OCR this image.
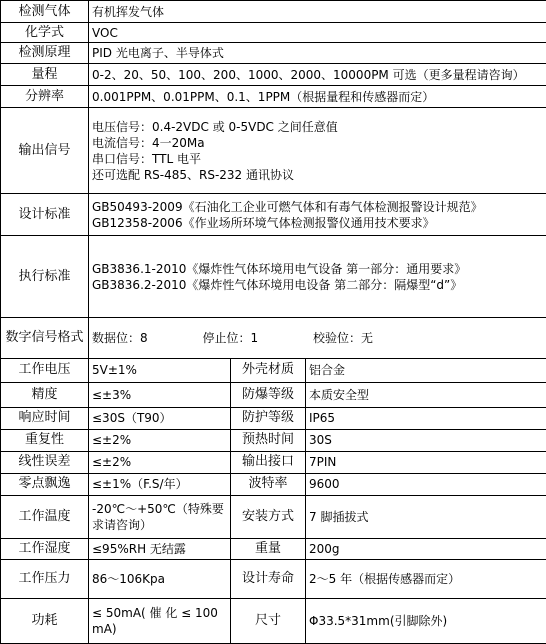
检测气体	有机挥发气体		
化学式	VOC		
检测原理	PID 光电离子、半导体式		
量程	0-2、20、50、100、200、1000、2000、10000PM 可选（更多量程请咨询）		
分辨率	0.001PPM、0.01PPM、0.1、1PPM（根据量程和传感器而定）		
输出信号	电压信号：0.4-2VDC 或 0-5VDC 之间任意值
电流信号：4一20Ma
串口信号：TTL 电平
还可选配 RS-485、RS-232 通讯协议		

设计标准	GB50493-2009《石油化工企业可燃气体和有毒气体检测报警设计规范》
GB12358-2006《作业场所环境气体检测报警仪通用技术要求》		

执行标准	GB3836.1-2010《爆炸性气体环境用电气设备 第一部分：通用要求》
GB3836.2-2010《爆炸性气体环境用电设备 第二部分：隔爆型“d”》		

数字信号格式	数据位：8 停止位：1 校验位：无		

工作电压	5V±1%	外壳材质	铝合金
精度	≤±3%	防爆等级	本质安全型
响应时间	≤30S（T90）	防护等级	IP65
重复性	≤±2%	预热时间	30S
线性误差	≤±2%	输出接口	7PIN
零点飘逸	≤±1%（F.S/年）	波特率	9600
工作温度	-20℃～+50℃（特殊要求请咨询）	安装方式	7 脚插拔式
工作湿度	≤95%RH 无结露	重量	200g
工作压力	86～106Kpa	设计寿命	2～5 年（根据传感器而定）
功耗	≤ 50mA( 催 化 ≤ 100mA)	尺寸	Φ33.5*31mm(引脚除外)
